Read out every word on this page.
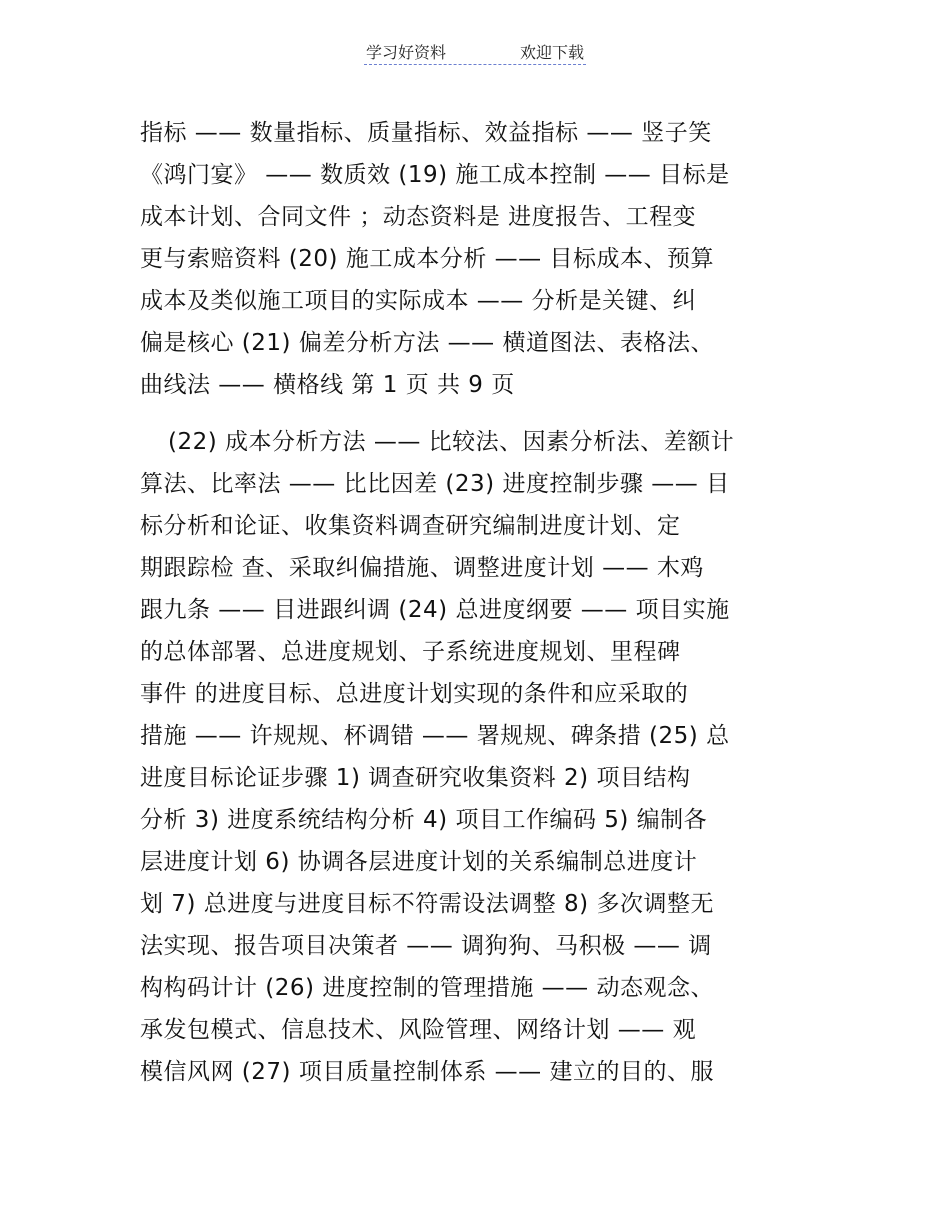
学习好资料	欢迎下载
指标 —— 数量指标、质量指标、效益指标 —— 竖子笑
《鸿门宴》 —— 数质效 (19) 施工成本控制 —— 目标是
成本计划、合同文件 ；动态资料是 进度报告、工程变
更与索赔资料 (20) 施工成本分析 —— 目标成本、预算
成本及类似施工项目的实际成本 —— 分析是关键、纠
偏是核心 (21) 偏差分析方法 —— 横道图法、表格法、
曲线法 —— 横格线 第 1 页 共 9 页
(22) 成本分析方法 —— 比较法、因素分析法、差额计
算法、比率法 —— 比比因差 (23) 进度控制步骤 —— 目
标分析和论证、收集资料调查研究编制进度计划、定
期跟踪检 查、采取纠偏措施、调整进度计划 —— 木鸡
跟九条 —— 目进跟纠调 (24) 总进度纲要 —— 项目实施
的总体部署、总进度规划、子系统进度规划、里程碑
事件 的进度目标、总进度计划实现的条件和应采取的
措施 —— 许规规、杯调错 —— 署规规、碑条措 (25) 总
进度目标论证步骤 1) 调查研究收集资料 2) 项目结构
分析 3) 进度系统结构分析 4) 项目工作编码 5) 编制各
层进度计划 6) 协调各层进度计划的关系编制总进度计
划 7) 总进度与进度目标不符需设法调整 8) 多次调整无
法实现、报告项目决策者 —— 调狗狗、马积极 —— 调
构构码计计 (26) 进度控制的管理措施 —— 动态观念、
承发包模式、信息技术、风险管理、网络计划 —— 观
模信风网 (27) 项目质量控制体系 —— 建立的目的、服
